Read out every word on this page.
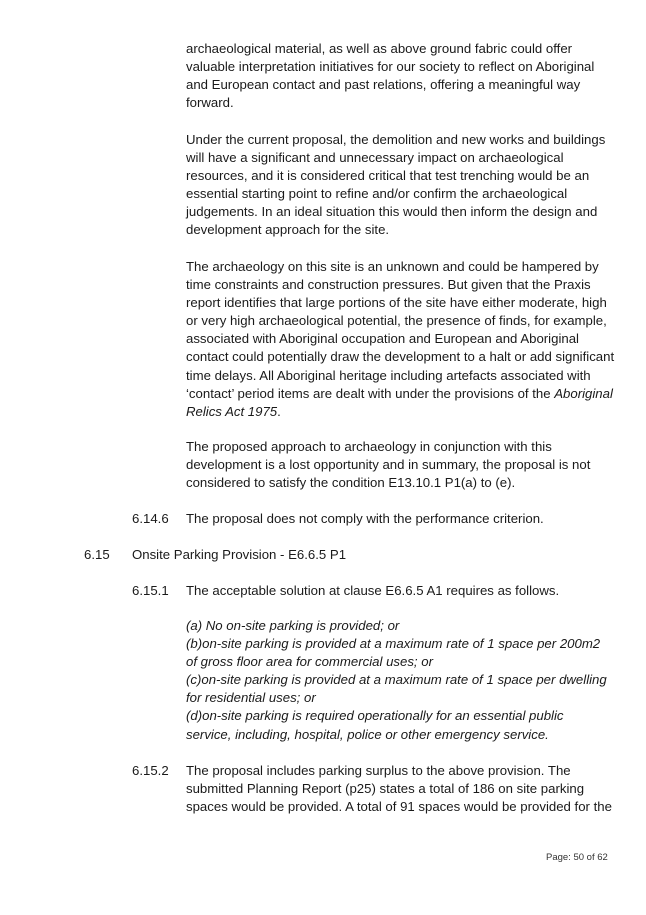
archaeological material, as well as above ground fabric could offer
valuable interpretation initiatives for our society to reflect on Aboriginal
and European contact and past relations, offering a meaningful way
forward.
Under the current proposal, the demolition and new works and buildings
will have a significant and unnecessary impact on archaeological
resources, and it is considered critical that test trenching would be an
essential starting point to refine and/or confirm the archaeological
judgements. In an ideal situation this would then inform the design and
development approach for the site.
The archaeology on this site is an unknown and could be hampered by
time constraints and construction pressures. But given that the Praxis
report identifies that large portions of the site have either moderate, high
or very high archaeological potential, the presence of finds, for example,
associated with Aboriginal occupation and European and Aboriginal
contact could potentially draw the development to a halt or add significant
time delays. All Aboriginal heritage including artefacts associated with
‘contact’ period items are dealt with under the provisions of the Aboriginal
Relics Act 1975.
The proposed approach to archaeology in conjunction with this
development is a lost opportunity and in summary, the proposal is not
considered to satisfy the condition E13.10.1 P1(a) to (e).
6.14.6 The proposal does not comply with the performance criterion.
6.15 Onsite Parking Provision - E6.6.5 P1
6.15.1 The acceptable solution at clause E6.6.5 A1 requires as follows.
(a) No on-site parking is provided; or
(b)on-site parking is provided at a maximum rate of 1 space per 200m2
of gross floor area for commercial uses; or
(c)on-site parking is provided at a maximum rate of 1 space per dwelling
for residential uses; or
(d)on-site parking is required operationally for an essential public
service, including, hospital, police or other emergency service.
6.15.2 The proposal includes parking surplus to the above provision. The
submitted Planning Report (p25) states a total of 186 on site parking
spaces would be provided. A total of 91 spaces would be provided for the
Page: 50 of 62
